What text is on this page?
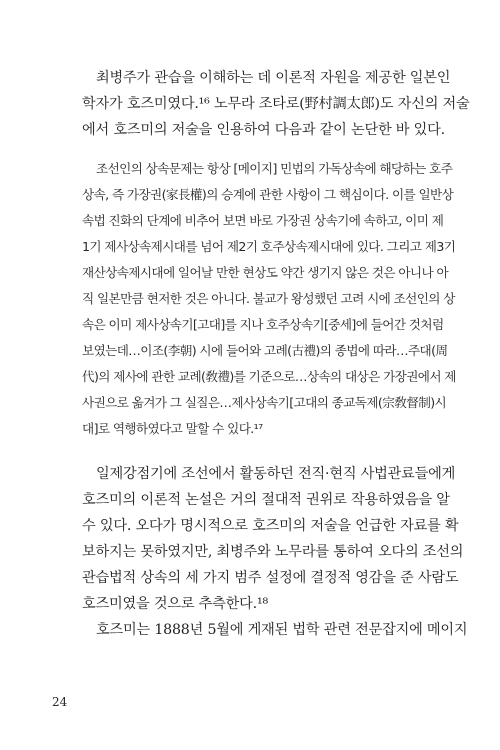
최병주가 관습을 이해하는 데 이론적 자원을 제공한 일본인
학자가 호즈미였다.¹⁶ 노무라 조타로(野村調太郎)도 자신의 저술
에서 호즈미의 저술을 인용하여 다음과 같이 논단한 바 있다.
조선인의 상속문제는 항상 [메이지] 민법의 가독상속에 해당하는 호주
상속, 즉 가장권(家長權)의 승계에 관한 사항이 그 핵심이다. 이를 일반상
속법 진화의 단계에 비추어 보면 바로 가장권 상속기에 속하고, 이미 제
1기 제사상속제시대를 넘어 제2기 호주상속제시대에 있다. 그리고 제3기
재산상속제시대에 일어날 만한 현상도 약간 생기지 않은 것은 아니나 아
직 일본만큼 현저한 것은 아니다. 불교가 왕성했던 고려 시에 조선인의 상
속은 이미 제사상속기[고대]를 지나 호주상속기[중세]에 들어간 것처럼
보였는데…이조(李朝) 시에 들어와 고례(古禮)의 종법에 따라…주대(周
代)의 제사에 관한 교례(敎禮)를 기준으로…상속의 대상은 가장권에서 제
사권으로 옮겨가 그 실질은…제사상속기[고대의 종교독제(宗敎督制)시
대]로 역행하였다고 말할 수 있다.¹⁷
일제강점기에 조선에서 활동하던 전직·현직 사법관료들에게
호즈미의 이론적 논설은 거의 절대적 권위로 작용하였음을 알
수 있다. 오다가 명시적으로 호즈미의 저술을 언급한 자료를 확
보하지는 못하였지만, 최병주와 노무라를 통하여 오다의 조선의
관습법적 상속의 세 가지 범주 설정에 결정적 영감을 준 사람도
호즈미였을 것으로 추측한다.¹⁸
호즈미는 1888년 5월에 게재된 법학 관련 전문잡지에 메이지
24
